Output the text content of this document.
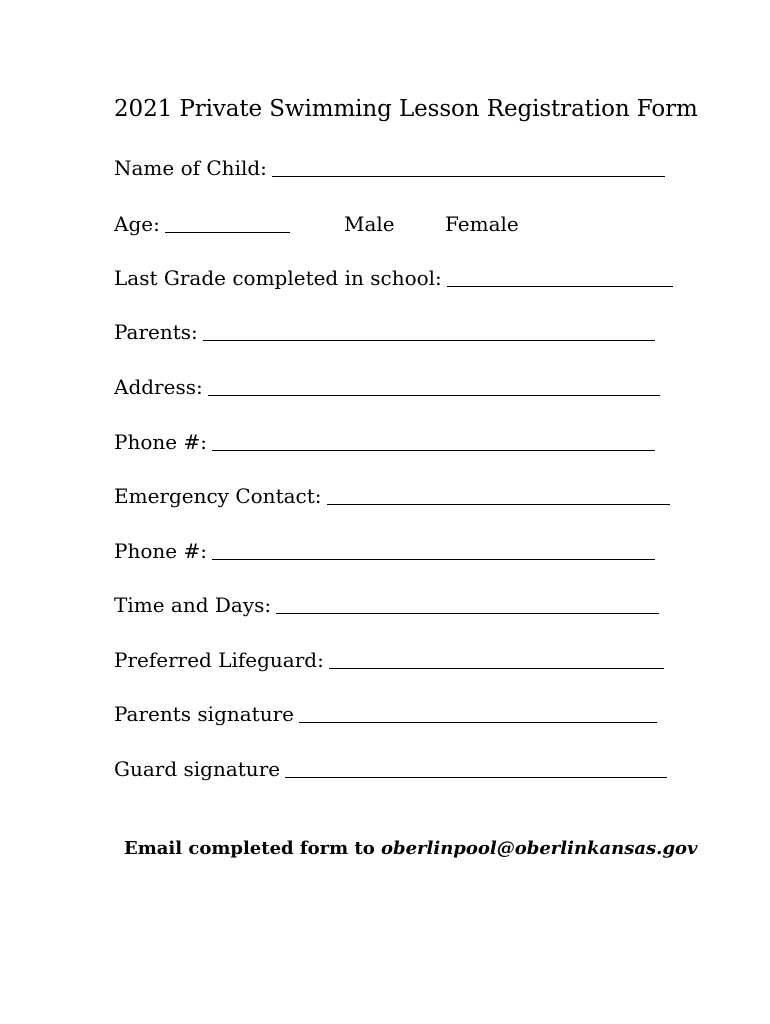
2021 Private Swimming Lesson Registration Form
Name of Child:
Age:	Male	Female
Last Grade completed in school:
Parents:
Address:
Phone #:
Emergency Contact:
Phone #:
Time and Days:
Preferred Lifeguard:
Parents signature
Guard signature
Email completed form to oberlinpool@oberlinkansas.gov
